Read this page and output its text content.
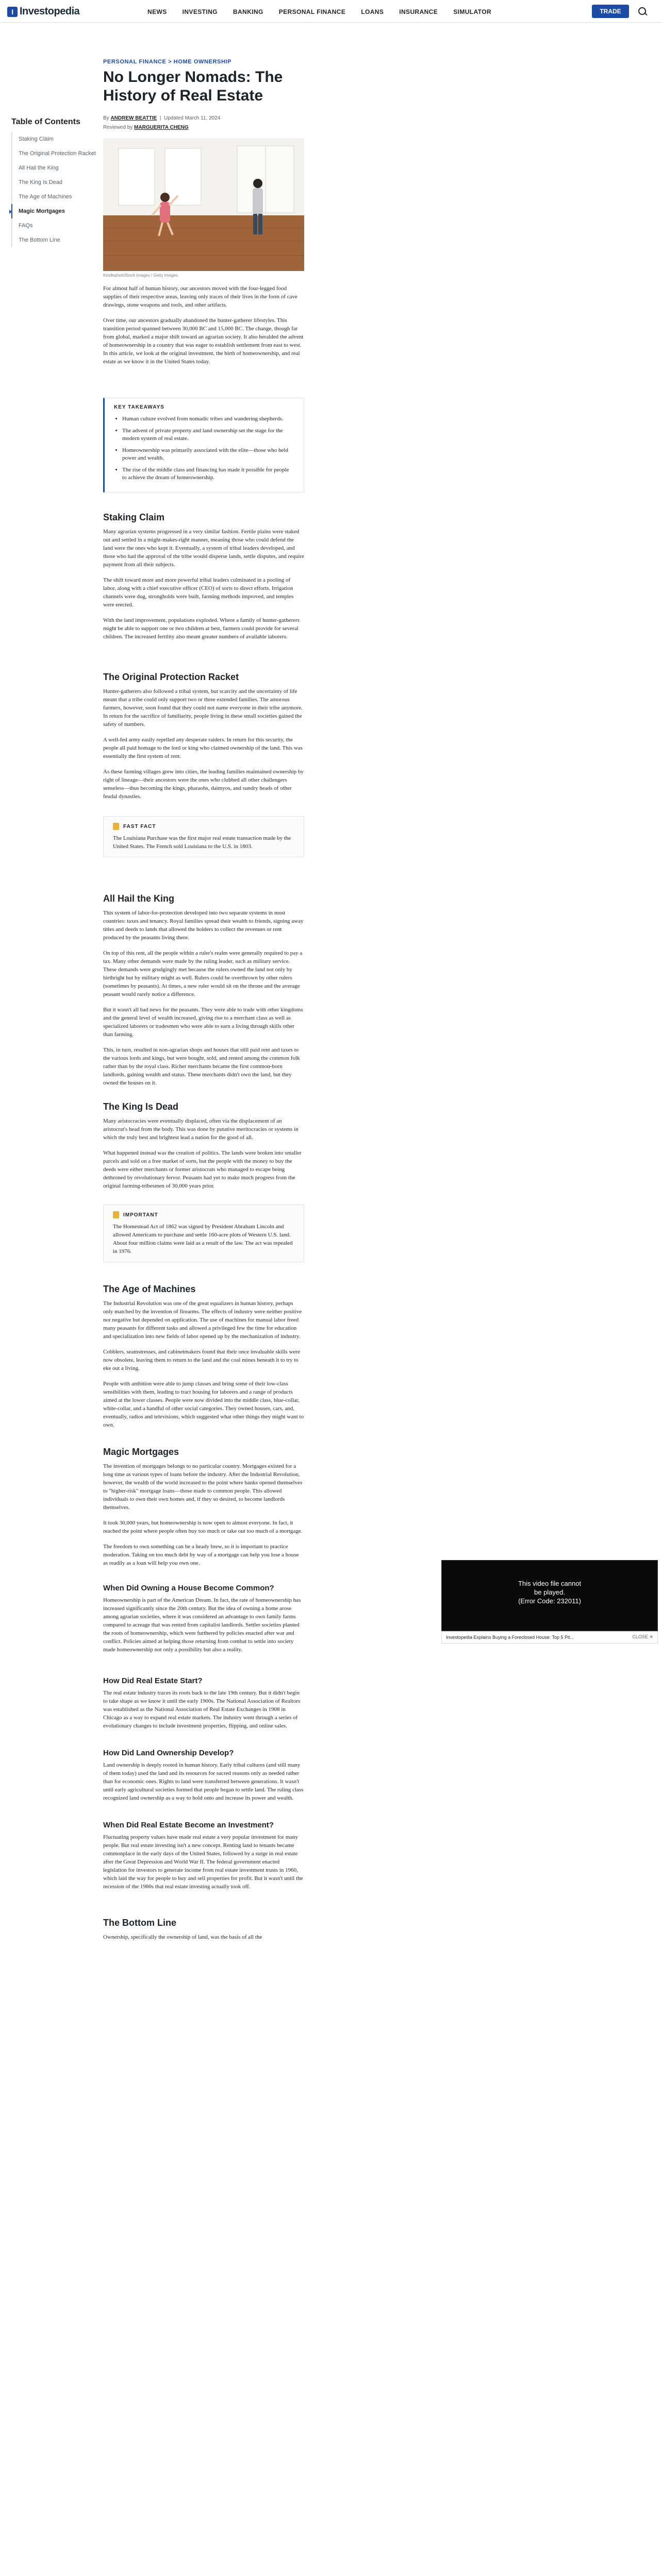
I Investopedia	NEWS	INVESTING	BANKING	PERSONAL FINANCE	LOANS	INSURANCE	SIMULATOR	TRADE
Table of Contents
Staking Claim
The Original Protection Racket
All Hail the King
The King Is Dead
The Age of Machines
Magic Mortgages
FAQs
The Bottom Line
PERSONAL FINANCE > HOME OWNERSHIP
No Longer Nomads: The History of Real Estate
By ANDREW BEATTIE  |  Updated March 11, 2024
Reviewed by MARGUERITA CHENG
KindlephotoStock Images / Getty Images

For almost half of human history, our ancestors moved with the four-legged food supplies of their respective areas, leaving only traces of their lives in the form of cave drawings, stone weapons and tools, and other artifacts.

Over time, our ancestors gradually abandoned the hunter-gatherer lifestyles. This transition period spanned between 30,000 BC and 15,000 BC. The change, though far from global, marked a major shift toward an agrarian society. It also heralded the advent of homeownership in a country that was eager to establish settlement from east to west. In this article, we look at the original investment, the birth of homeownership, and real estate as we know it in the United States today.

KEY TAKEAWAYS
• Human culture evolved from nomadic tribes and wandering shepherds.
• The advent of private property and land ownership set the stage for the modern system of real estate.
• Homeownership was primarily associated with the elite—those who held power and wealth.
• The rise of the middle class and financing has made it possible for people to achieve the dream of homeownership.
Staking Claim

Many agrarian systems progressed in a very similar fashion. Fertile plains were staked out and settled in a might-makes-right manner, meaning those who could defend the land were the ones who kept it. Eventually, a system of tribal leaders developed, and those who had the approval of the tribe would disperse lands, settle disputes, and require payment from all their subjects.

The shift toward more and more powerful tribal leaders culminated in a pooling of labor, along with a chief executive officer (CEO) of sorts to direct efforts. Irrigation channels were dug, strongholds were built, farming methods improved, and temples were erected.

With the land improvement, populations exploded. Where a family of hunter-gatherers might be able to support one or two children at best, farmers could provide for several children. The increased fertility also meant greater numbers of available laborers.

The Original Protection Racket

Hunter-gatherers also followed a tribal system, but scarcity and the uncertainty of life meant that a tribe could only support two or three extended families. The amorous farmers, however, soon found that they could not name everyone in their tribe anymore. In return for the sacrifice of familiarity, people living in these small societies gained the safety of numbers.

A well-fed army easily repelled any desperate raiders. In return for this security, the people all paid homage to the lord or king who claimed ownership of the land. This was essentially the first system of rent.

As these farming villages grew into cities, the leading families maintained ownership by right of lineage—their ancestors were the ones who clubbed all other challengers senseless—thus becoming the kings, pharaohs, daimyos, and sundry heads of other feudal dynasties.

FAST FACT
The Louisiana Purchase was the first major real estate transaction made by the United States. The French sold Louisiana to the U.S. in 1803.
All Hail the King

This system of labor-for-protection developed into two separate systems in most countries: taxes and tenancy. Royal families spread their wealth to friends, signing away titles and deeds to lands that allowed the holders to collect the revenues or rent produced by the peasants living there.

On top of this rent, all the people within a ruler's realm were generally required to pay a tax. Many other demands were made by the ruling leader, such as military service. These demands were grudgingly met because the rulers owned the land not only by birthright but by military might as well. Rulers could be overthrown by other rulers (sometimes by peasants). At times, a new ruler would sit on the throne and the average peasant would rarely notice a difference.

But it wasn't all bad news for the peasants. They were able to trade with other kingdoms and the general level of wealth increased, giving rise to a merchant class as well as specialized laborers or tradesmen who were able to earn a living through skills other than farming.

This, in turn, resulted in non-agrarian shops and houses that still paid rent and taxes to the various lords and kings, but were bought, sold, and rented among the common folk rather than by the royal class. Richer merchants became the first common-born landlords, gaining wealth and status. These merchants didn't own the land, but they owned the houses on it.

The King Is Dead

Many aristocracies were eventually displaced, often via the displacement of an aristocrat's head from the body. This was done by putative meritocracies or systems in which the truly best and brightest lead a nation for the good of all.

What happened instead was the creation of politics. The lands were broken into smaller parcels and sold on a free market of sorts, but the people with the money to buy the deeds were either merchants or former aristocrats who managed to escape being dethroned by revolutionary fervor. Peasants had yet to make much progress from the original farming-tribesmen of 30,000 years prior.

IMPORTANT
The Homestead Act of 1862 was signed by President Abraham Lincoln and allowed Americans to purchase and settle 160-acre plots of Western U.S. land. About four million claims were laid as a result of the law. The act was repealed in 1976.
The Age of Machines

The Industrial Revolution was one of the great equalizers in human history, perhaps only matched by the invention of firearms. The effects of industry were neither positive nor negative but depended on application. The use of machines for manual labor freed many peasants for different tasks and allowed a privileged few the time for education and specialization into new fields of labor opened up by the mechanization of industry.

Cobblers, seamstresses, and cabinetmakers found that their once invaluable skills were now obsolete, leaving them to return to the land and the coal mines beneath it to try to eke out a living.

People with ambition were able to jump classes and bring some of their low-class sensibilities with them, leading to tract housing for laborers and a range of products aimed at the lower classes. People were now divided into the middle class, blue-collar, white-collar, and a handful of other social categories. They owned houses, cars, and, eventually, radios and televisions, which suggested what other things they might want to own.

Magic Mortgages

The invention of mortgages belongs to no particular country. Mortgages existed for a long time as various types of loans before the industry. After the Industrial Revolution, however, the wealth of the world increased to the point where banks opened themselves to "higher-risk" mortgage loans—those made to common people. This allowed individuals to own their own homes and, if they so desired, to become landlords themselves.

It took 30,000 years, but homeownership is now open to almost everyone. In fact, it reached the point where people often buy too much or take out too much of a mortgage.

The freedom to own something can be a heady brew, so it is important to practice moderation. Taking on too much debt by way of a mortgage can help you lose a house as readily as a loan will help you own one.

When Did Owning a House Become Common?
Homeownership is part of the American Dream. In fact, the rate of homeownership has increased significantly since the 20th century. But the idea of owning a home arose among agrarian societies, where it was considered an advantage to own family farms compared to acreage that was rented from capitalist landlords. Settler societies planted the roots of homeownership, which were furthered by policies enacted after war and conflict. Policies aimed at helping those returning from combat to settle into society made homeownership not only a possibility but also a reality.
How Did Real Estate Start?
The real estate industry traces its roots back to the late 19th century. But it didn't begin to take shape as we know it until the early 1900s. The National Association of Realtors was established as the National Association of Real Estate Exchanges in 1908 in Chicago as a way to expand real estate markets. The industry went through a series of evolutionary changes to include investment properties, flipping, and online sales.
How Did Land Ownership Develop?
Land ownership is deeply rooted in human history. Early tribal cultures (and still many of them today) used the land and its resources for sacred reasons only as needed rather than for economic ones. Rights to land were transferred between generations. It wasn't until early agricultural societies formed that people began to settle land. The ruling class recognized land ownership as a way to hold onto and increase its power and wealth.
When Did Real Estate Become an Investment?
Fluctuating property values have made real estate a very popular investment for many people. But real estate investing isn't a new concept. Renting land to tenants became commonplace in the early days of the United States, followed by a surge in real estate after the Great Depression and World War II. The federal government enacted legislation for investors to generate income from real estate investment trusts in 1960, which laid the way for people to buy and sell properties for profit. But it wasn't until the recession of the 1980s that real estate investing actually took off.
The Bottom Line
Ownership, specifically the ownership of land, was the basis of all the
This video file cannot
be played.
(Error Code: 232011)
Investopedia Explains Buying a Foreclosed House: Top 5 Pit...	CLOSE ✕
